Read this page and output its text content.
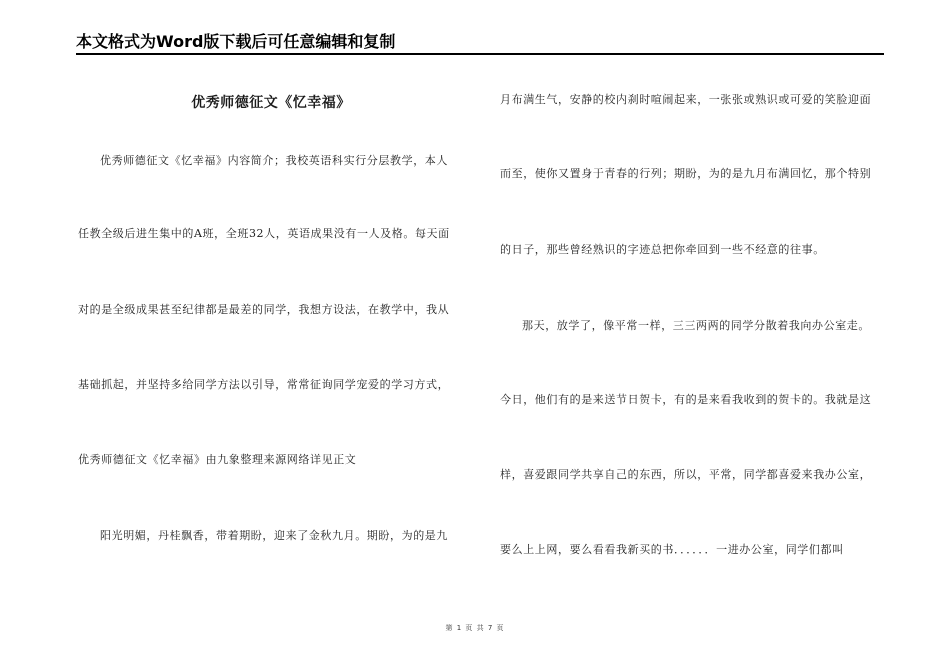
本文格式为Word版下载后可任意编辑和复制
优秀师德征文《忆幸福》
优秀师德征文《忆幸福》内容简介；我校英语科实行分层教学，本人
任教全级后进生集中的A班，全班32人，英语成果没有一人及格。每天面
对的是全级成果甚至纪律都是最差的同学，我想方设法，在教学中，我从
基础抓起，并坚持多给同学方法以引导，常常征询同学宠爱的学习方式，
优秀师德征文《忆幸福》由九象整理来源网络详见正文
阳光明媚，丹桂飘香，带着期盼，迎来了金秋九月。期盼，为的是九
月布满生气，安静的校内刹时喧闹起来，一张张或熟识或可爱的笑脸迎面
而至，使你又置身于青春的行列；期盼，为的是九月布满回忆，那个特别
的日子，那些曾经熟识的字迹总把你牵回到一些不经意的往事。
那天，放学了，像平常一样，三三两两的同学分散着我向办公室走。
今日，他们有的是来送节日贺卡，有的是来看我收到的贺卡的。我就是这
样，喜爱跟同学共享自己的东西，所以，平常，同学都喜爱来我办公室，
要么上上网，要么看看我新买的书．．．．．．一进办公室，同学们都叫
第 1 页 共 7 页
